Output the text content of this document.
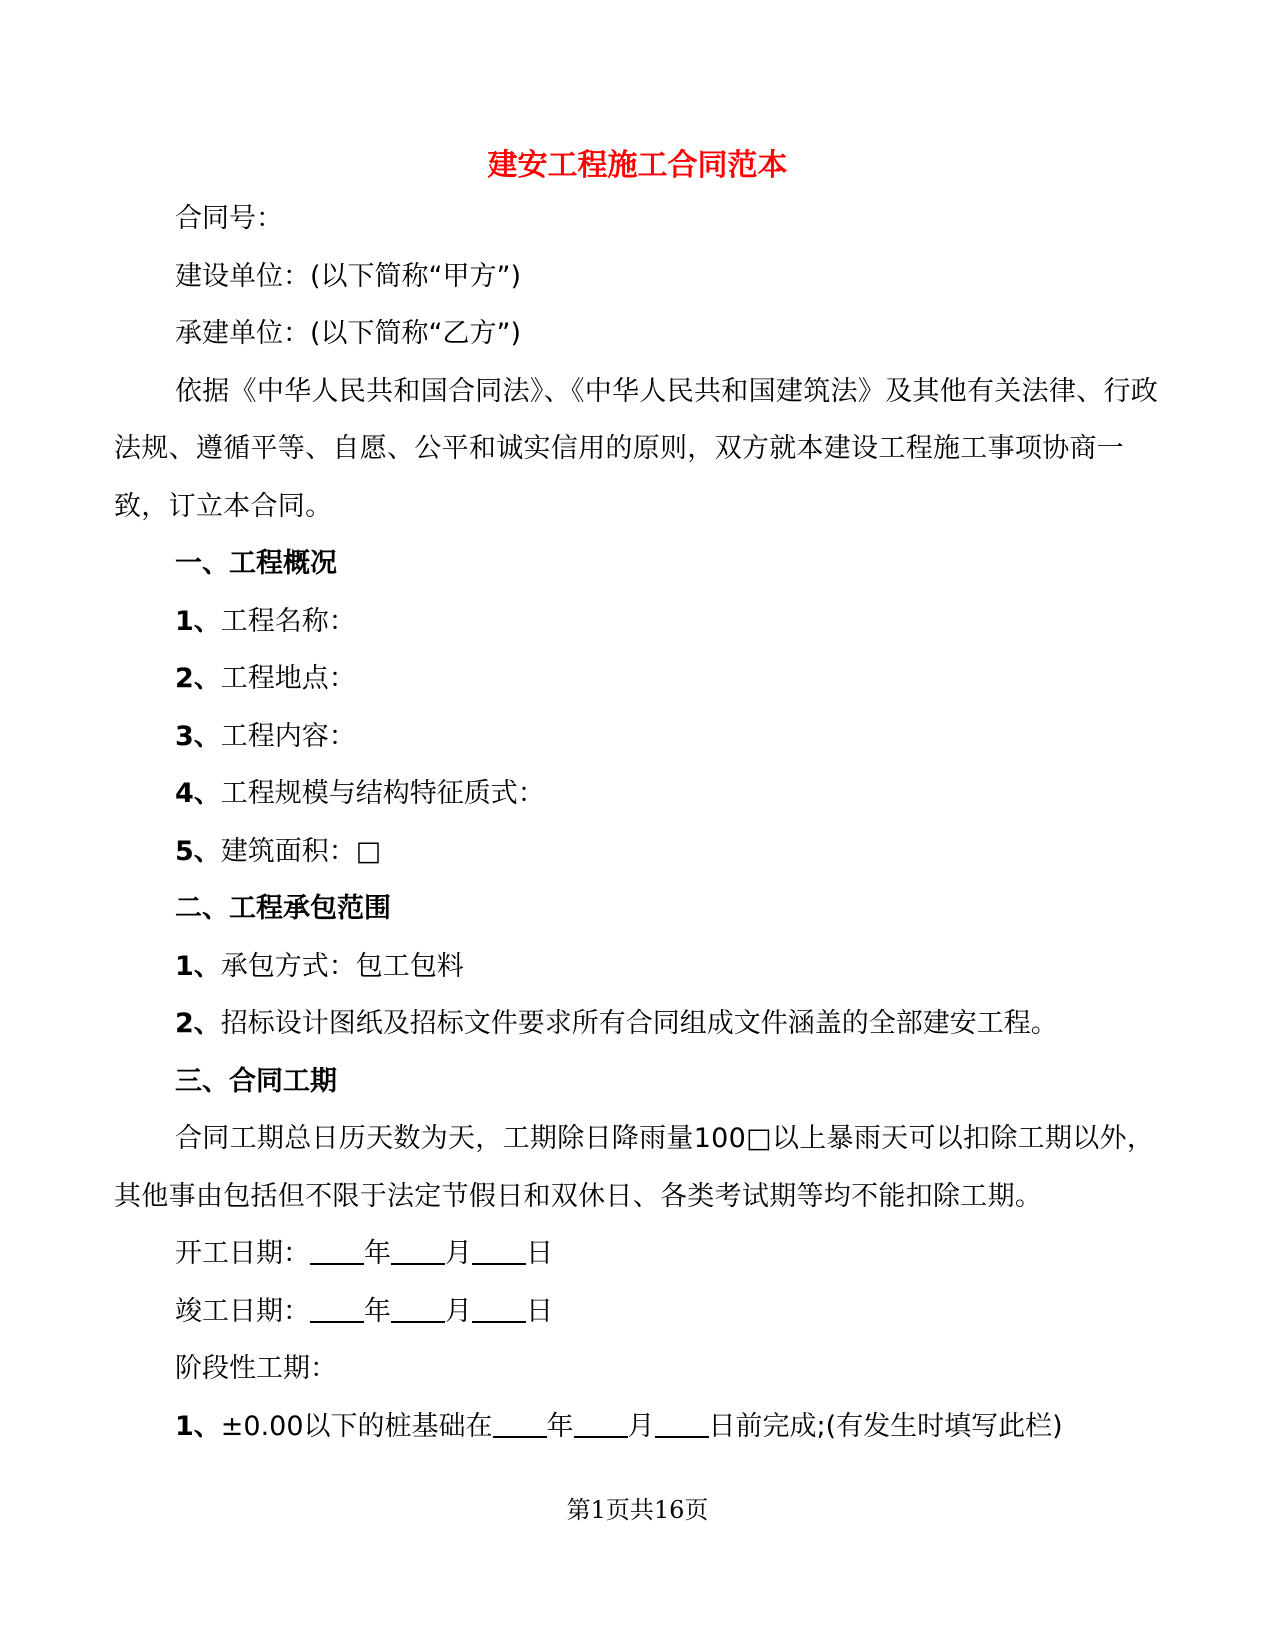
建安工程施工合同范本

合同号：

建设单位：(以下简称“甲方”)

承建单位：(以下简称“乙方”)

依据《中华人民共和国合同法》、《中华人民共和国建筑法》及其他有关法律、行政法规、遵循平等、自愿、公平和诚实信用的原则，双方就本建设工程施工事项协商一致，订立本合同。

一、工程概况

1、工程名称：

2、工程地点：

3、工程内容：

4、工程规模与结构特征质式：

5、建筑面积：□

二、工程承包范围

1、承包方式：包工包料

2、招标设计图纸及招标文件要求所有合同组成文件涵盖的全部建安工程。

三、合同工期

合同工期总日历天数为天，工期除日降雨量100□以上暴雨天可以扣除工期以外，其他事由包括但不限于法定节假日和双休日、各类考试期等均不能扣除工期。

开工日期： 年 月 日

竣工日期： 年 月 日

阶段性工期：

1、±0.00以下的桩基础在 年 月 日前完成;(有发生时填写此栏)

第1页共16页
